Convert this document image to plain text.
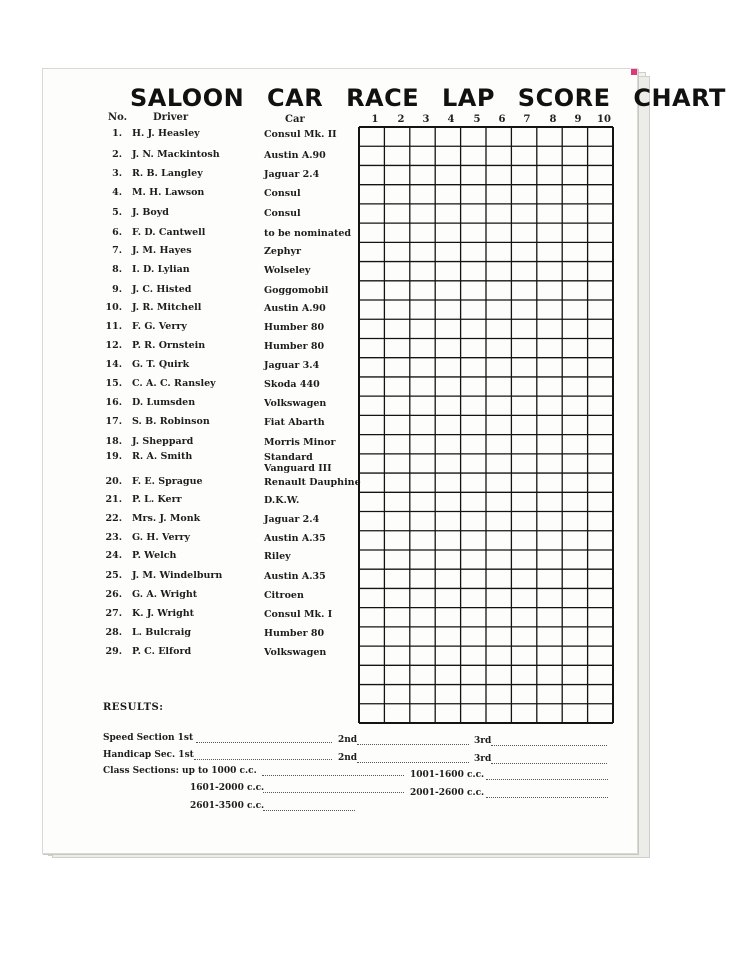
SALOON CAR RACE LAP SCORE CHART
No.	Driver	Car	1 2 3 4 5 6 7 8 9 10
1. H. J. Heasley	Consul Mk. II
2. J. N. Mackintosh	Austin A.90
3. R. B. Langley	Jaguar 2.4
4. M. H. Lawson	Consul
5. J. Boyd	Consul
6. F. D. Cantwell	to be nominated
7. J. M. Hayes	Zephyr
8. I. D. Lylian	Wolseley
9. J. C. Histed	Goggomobil
10. J. R. Mitchell	Austin A.90
11. F. G. Verry	Humber 80
12. P. R. Ornstein	Humber 80
14. G. T. Quirk	Jaguar 3.4
15. C. A. C. Ransley	Skoda 440
16. D. Lumsden	Volkswagen
17. S. B. Robinson	Fiat Abarth
18. J. Sheppard	Morris Minor
19. R. A. Smith	Standard
Vanguard III
20. F. E. Sprague	Renault Dauphine
21. P. L. Kerr	D.K.W.
22. Mrs. J. Monk	Jaguar 2.4
23. G. H. Verry	Austin A.35
24. P. Welch	Riley
25. J. M. Windelburn	Austin A.35
26. G. A. Wright	Citroen
27. K. J. Wright	Consul Mk. I
28. L. Bulcraig	Humber 80
29. P. C. Elford	Volkswagen
RESULTS:
Speed Section 1st	2nd	3rd
Handicap Sec. 1st	2nd	3rd
Class Sections: up to 1000 c.c.	1001-1600 c.c.
1601-2000 c.c.	2001-2600 c.c.
2601-3500 c.c.
